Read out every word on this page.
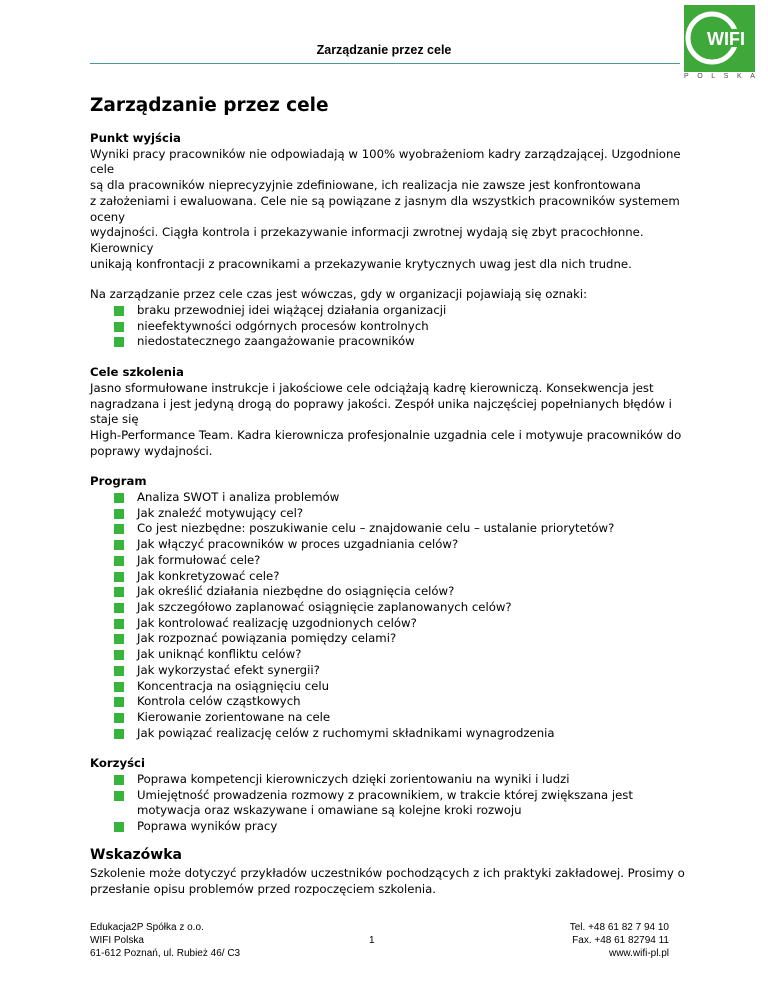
Zarządzanie przez cele
WIFI
P O L S K A
Zarządzanie przez cele
Punkt wyjścia

Wyniki pracy pracowników nie odpowiadają w 100% wyobrażeniom kadry zarządzającej. Uzgodnione cele

są dla pracowników nieprecyzyjnie zdefiniowane, ich realizacja nie zawsze jest konfrontowana

z założeniami i ewaluowana. Cele nie są powiązane z jasnym dla wszystkich pracowników systemem oceny

wydajności. Ciągła kontrola i przekazywanie informacji zwrotnej wydają się zbyt pracochłonne. Kierownicy

unikają konfrontacji z pracownikami a przekazywanie krytycznych uwag jest dla nich trudne.

Na zarządzanie przez cele czas jest wówczas, gdy w organizacji pojawiają się oznaki:

braku przewodniej idei wiążącej działania organizacji
nieefektywności odgórnych procesów kontrolnych
niedostatecznego zaangażowanie pracowników
Cele szkolenia

Jasno sformułowane instrukcje i jakościowe cele odciążają kadrę kierowniczą. Konsekwencja jest

nagradzana i jest jedyną drogą do poprawy jakości. Zespół unika najczęściej popełnianych błędów i staje się

High-Performance Team. Kadra kierownicza profesjonalnie uzgadnia cele i motywuje pracowników do

poprawy wydajności.

Program
Analiza SWOT i analiza problemów
Jak znaleźć motywujący cel?
Co jest niezbędne: poszukiwanie celu – znajdowanie celu – ustalanie priorytetów?
Jak włączyć pracowników w proces uzgadniania celów?
Jak formułować cele?
Jak konkretyzować cele?
Jak określić działania niezbędne do osiągnięcia celów?
Jak szczegółowo zaplanować osiągnięcie zaplanowanych celów?
Jak kontrolować realizację uzgodnionych celów?
Jak rozpoznać powiązania pomiędzy celami?
Jak uniknąć konfliktu celów?
Jak wykorzystać efekt synergii?
Koncentracja na osiągnięciu celu
Kontrola celów cząstkowych
Kierowanie zorientowane na cele
Jak powiązać realizację celów z ruchomymi składnikami wynagrodzenia
Korzyści
Poprawa kompetencji kierowniczych dzięki zorientowaniu na wyniki i ludzi
Umiejętność prowadzenia rozmowy z pracownikiem, w trakcie której zwiększana jest motywacja oraz wskazywane i omawiane są kolejne kroki rozwoju
Poprawa wyników pracy
Wskazówka

Szkolenie może dotyczyć przykładów uczestników pochodzących z ich praktyki zakładowej. Prosimy o

przesłanie opisu problemów przed rozpoczęciem szkolenia.

Edukacja2P Spółka z o.o.
WIFI Polska
61-612 Poznań, ul. Rubież 46/ C3
1
Tel. +48 61 82 7 94 10
Fax. +48 61 82794 11
www.wifi-pl.pl
